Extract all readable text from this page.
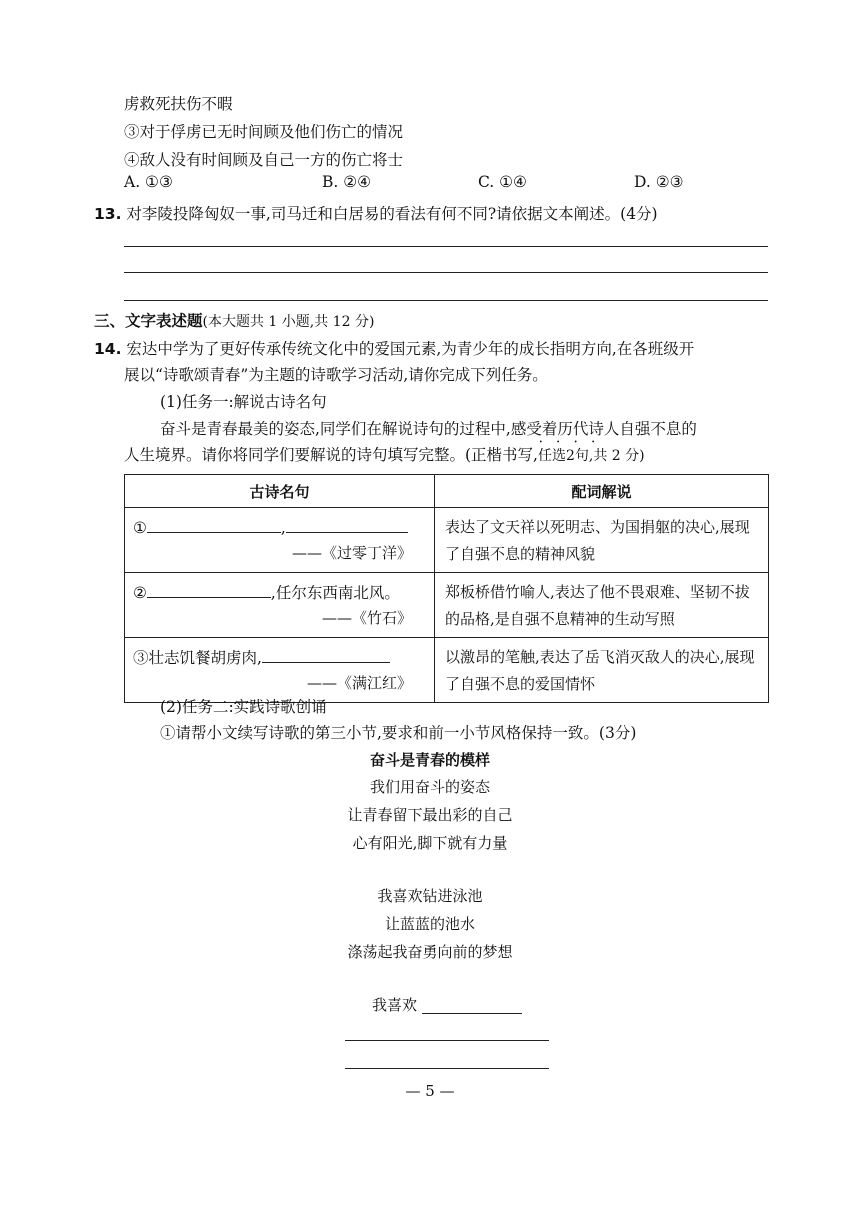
虏救死扶伤不暇
③对于俘虏已无时间顾及他们伤亡的情况
④敌人没有时间顾及自己一方的伤亡将士
A. ①③	B. ②④	C. ①④	D. ②③
13. 对李陵投降匈奴一事,司马迁和白居易的看法有何不同?请依据文本阐述。(4分)
三、文字表述题(本大题共 1 小题,共 12 分)
14. 宏达中学为了更好传承传统文化中的爱国元素,为青少年的成长指明方向,在各班级开
展以“诗歌颂青春”为主题的诗歌学习活动,请你完成下列任务。
(1)任务一:解说古诗名句
奋斗是青春最美的姿态,同学们在解说诗句的过程中,感受着历代诗人自强不息的
人生境界。请你将同学们要解说的诗句填写完整。(正楷书写,任选2句 • • • •,共 2 分)
古诗名句	配词解说

① ,
——《过零丁洋》	表达了文天祥以死明志、为国捐躯的决心,展现了自强不息的精神风貌

② ,任尔东西南北风。
——《竹石》	郑板桥借竹喻人,表达了他不畏艰难、坚韧不拔的品格,是自强不息精神的生动写照

③壮志饥餐胡虏肉,
——《满江红》	以激昂的笔触,表达了岳飞消灭敌人的决心,展现了自强不息的爱国情怀
(2)任务二:实践诗歌创诵
①请帮小文续写诗歌的第三小节,要求和前一小节风格保持一致。(3分)
奋斗是青春的模样
我们用奋斗的姿态
让青春留下最出彩的自己
心有阳光,脚下就有力量
我喜欢钻进泳池
让蓝蓝的池水
涤荡起我奋勇向前的梦想
我喜欢
— 5 —
